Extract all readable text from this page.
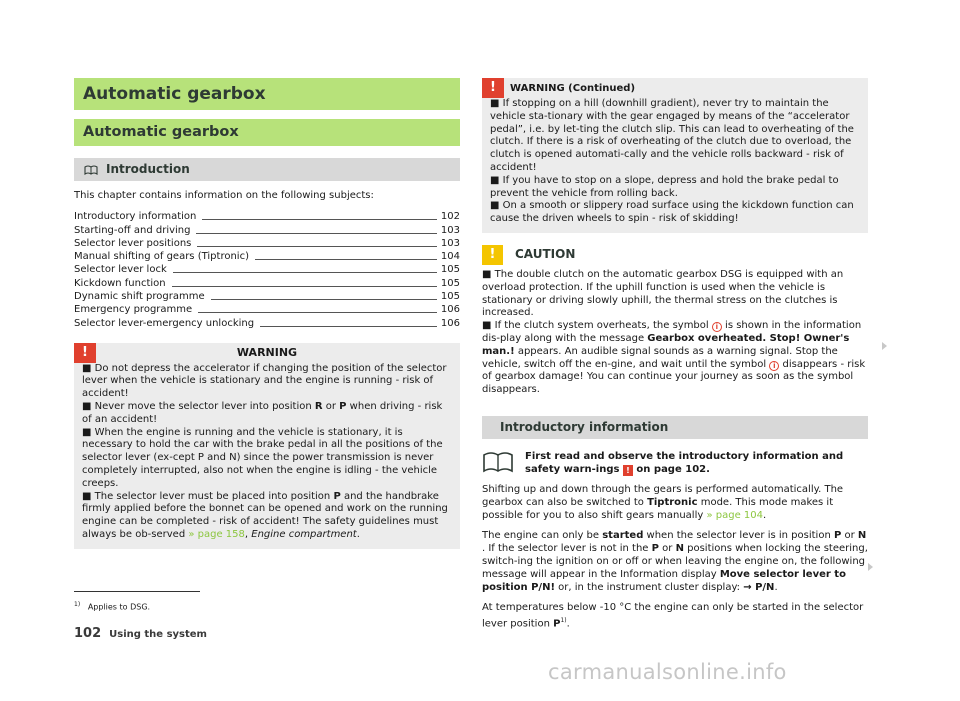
Automatic gearbox
Automatic gearbox
Introduction

This chapter contains information on the following subjects:

Introductory information	102
Starting-off and driving	103
Selector lever positions	103
Manual shifting of gears (Tiptronic)	104
Selector lever lock	105
Kickdown function	105
Dynamic shift programme	105
Emergency programme	106
Selector lever-emergency unlocking	106
!	WARNING

■ Do not depress the accelerator if changing the position of the selector lever when the vehicle is stationary and the engine is running - risk of accident!

■ Never move the selector lever into position R or P when driving - risk of an accident!

■ When the engine is running and the vehicle is stationary, it is necessary to hold the car with the brake pedal in all the positions of the selector lever (ex-cept P and N) since the power transmission is never completely interrupted, also not when the engine is idling - the vehicle creeps.

■ The selector lever must be placed into position P and the handbrake firmly applied before the bonnet can be opened and work on the running engine can be completed - risk of accident! The safety guidelines must always be ob-served » page 158, Engine compartment.

!	WARNING (Continued)

■ If stopping on a hill (downhill gradient), never try to maintain the vehicle sta-tionary with the gear engaged by means of the “accelerator pedal”, i.e. by let-ting the clutch slip. This can lead to overheating of the clutch. If there is a risk of overheating of the clutch due to overload, the clutch is opened automati-cally and the vehicle rolls backward - risk of accident!

■ If you have to stop on a slope, depress and hold the brake pedal to prevent the vehicle from rolling back.

■ On a smooth or slippery road surface using the kickdown function can cause the driven wheels to spin - risk of skidding!

!	CAUTION

■ The double clutch on the automatic gearbox DSG is equipped with an overload protection. If the uphill function is used when the vehicle is stationary or driving slowly uphill, the thermal stress on the clutches is increased.

■ If the clutch system overheats, the symbol i is shown in the information dis-play along with the message Gearbox overheated. Stop! Owner's man.! appears. An audible signal sounds as a warning signal. Stop the vehicle, switch off the en-gine, and wait until the symbol i disappears - risk of gearbox damage! You can continue your journey as soon as the symbol disappears.

Introductory information

First read and observe the introductory information and safety warn-ings ! on page 102.

Shifting up and down through the gears is performed automatically. The gearbox can also be switched to Tiptronic mode. This mode makes it possible for you to also shift gears manually » page 104.

The engine can only be started when the selector lever is in position P or N . If the selector lever is not in the P or N positions when locking the steering, switch-ing the ignition on or off or when leaving the engine on, the following message will appear in the Information display Move selector lever to position P/N! or, in the instrument cluster display: → P/N.

At temperatures below -10 °C the engine can only be started in the selector lever position $P^{1)}$.

$^{1)}$ Applies to DSG.
102 Using the system
carmanualsonline.info
